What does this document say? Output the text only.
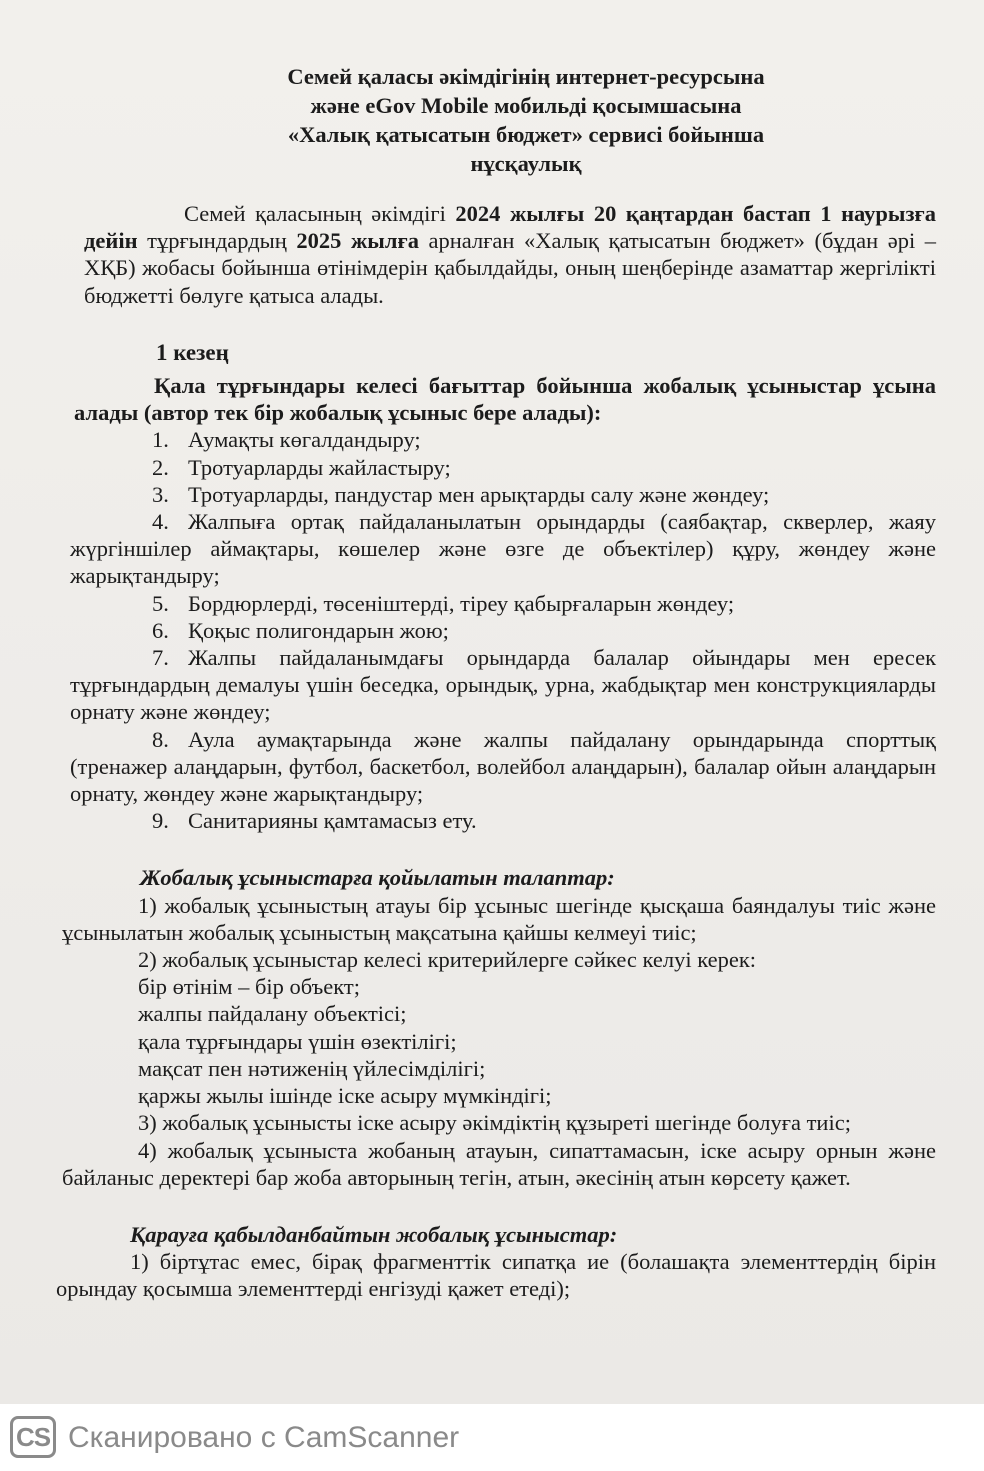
Семей қаласы әкімдігінің интернет-ресурсына
және eGov Mobile мобильді қосымшасына
«Халық қатысатын бюджет» сервисі бойынша
нұсқаулық
Семей қаласының әкімдігі 2024 жылғы 20 қаңтардан бастап 1 наурызға дейін тұрғындардың 2025 жылға арналған «Халық қатысатын бюджет» (бұдан әрі – ХҚБ) жобасы бойынша өтінімдерін қабылдайды, оның шеңберінде азаматтар жергілікті бюджетті бөлуге қатыса алады.
1 кезең
Қала тұрғындары келесі бағыттар бойынша жобалық ұсыныстар ұсына алады (автор тек бір жобалық ұсыныс бере алады):
1. Аумақты көгалдандыру;
2. Тротуарларды жайластыру;
3. Тротуарларды, пандустар мен арықтарды салу және жөндеу;
4. Жалпыға ортақ пайдаланылатын орындарды (саябақтар, скверлер, жаяу жүргіншілер аймақтары, көшелер және өзге де объектілер) құру, жөндеу және жарықтандыру;
5. Бордюрлерді, төсеніштерді, тіреу қабырғаларын жөндеу;
6. Қоқыс полигондарын жою;
7. Жалпы пайдаланымдағы орындарда балалар ойындары мен ересек тұрғындардың демалуы үшін беседка, орындық, урна, жабдықтар мен конструкцияларды орнату және жөндеу;
8. Аула аумақтарында және жалпы пайдалану орындарында спорттық (тренажер алаңдарын, футбол, баскетбол, волейбол алаңдарын), балалар ойын алаңдарын орнату, жөндеу және жарықтандыру;
9. Санитарияны қамтамасыз ету.
Жобалық ұсыныстарға қойылатын талаптар:
1) жобалық ұсыныстың атауы бір ұсыныс шегінде қысқаша баяндалуы тиіс және ұсынылатын жобалық ұсыныстың мақсатына қайшы келмеуі тиіс;
2) жобалық ұсыныстар келесі критерийлерге сәйкес келуі керек:
бір өтінім – бір объект;
жалпы пайдалану объектісі;
қала тұрғындары үшін өзектілігі;
мақсат пен нәтиженің үйлесімділігі;
қаржы жылы ішінде іске асыру мүмкіндігі;
3) жобалық ұсынысты іске асыру әкімдіктің құзыреті шегінде болуға тиіс;
4) жобалық ұсыныста жобаның атауын, сипаттамасын, іске асыру орнын және байланыс деректері бар жоба авторының тегін, атын, әкесінің атын көрсету қажет.
Қарауға қабылданбайтын жобалық ұсыныстар:
1) біртұтас емес, бірақ фрагменттік сипатқа ие (болашақта элементтердің бірін орындау қосымша элементтерді енгізуді қажет етеді);
CS Сканировано с CamScanner
